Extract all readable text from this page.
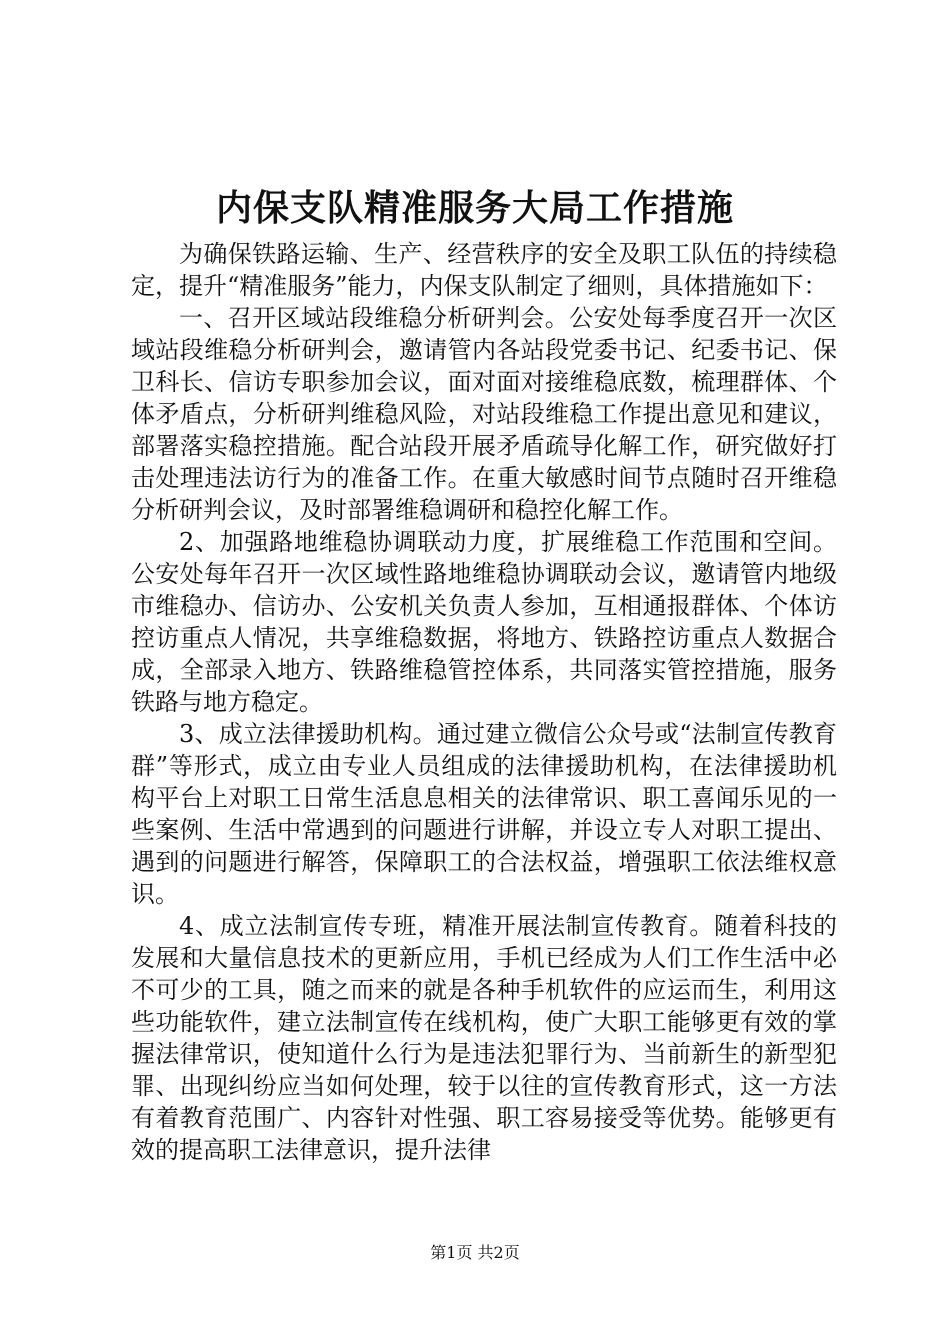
内保支队精准服务大局工作措施

为确保铁路运输、生产、经营秩序的安全及职工队伍的持续稳定，提升“精准服务”能力，内保支队制定了细则，具体措施如下：

一、召开区域站段维稳分析研判会。公安处每季度召开一次区域站段维稳分析研判会，邀请管内各站段党委书记、纪委书记、保卫科长、信访专职参加会议，面对面对接维稳底数，梳理群体、个体矛盾点，分析研判维稳风险，对站段维稳工作提出意见和建议，部署落实稳控措施。配合站段开展矛盾疏导化解工作，研究做好打击处理违法访行为的准备工作。在重大敏感时间节点随时召开维稳分析研判会议，及时部署维稳调研和稳控化解工作。

2、加强路地维稳协调联动力度，扩展维稳工作范围和空间。公安处每年召开一次区域性路地维稳协调联动会议，邀请管内地级市维稳办、信访办、公安机关负责人参加，互相通报群体、个体访控访重点人情况，共享维稳数据，将地方、铁路控访重点人数据合成，全部录入地方、铁路维稳管控体系，共同落实管控措施，服务铁路与地方稳定。

3、成立法律援助机构。通过建立微信公众号或“法制宣传教育群”等形式，成立由专业人员组成的法律援助机构，在法律援助机构平台上对职工日常生活息息相关的法律常识、职工喜闻乐见的一些案例、生活中常遇到的问题进行讲解，并设立专人对职工提出、遇到的问题进行解答，保障职工的合法权益，增强职工依法维权意识。

4、成立法制宣传专班，精准开展法制宣传教育。随着科技的发展和大量信息技术的更新应用，手机已经成为人们工作生活中必不可少的工具，随之而来的就是各种手机软件的应运而生，利用这些功能软件，建立法制宣传在线机构，使广大职工能够更有效的掌握法律常识，使知道什么行为是违法犯罪行为、当前新生的新型犯罪、出现纠纷应当如何处理，较于以往的宣传教育形式，这一方法有着教育范围广、内容针对性强、职工容易接受等优势。能够更有效的提高职工法律意识，提升法律

第1页 共2页
